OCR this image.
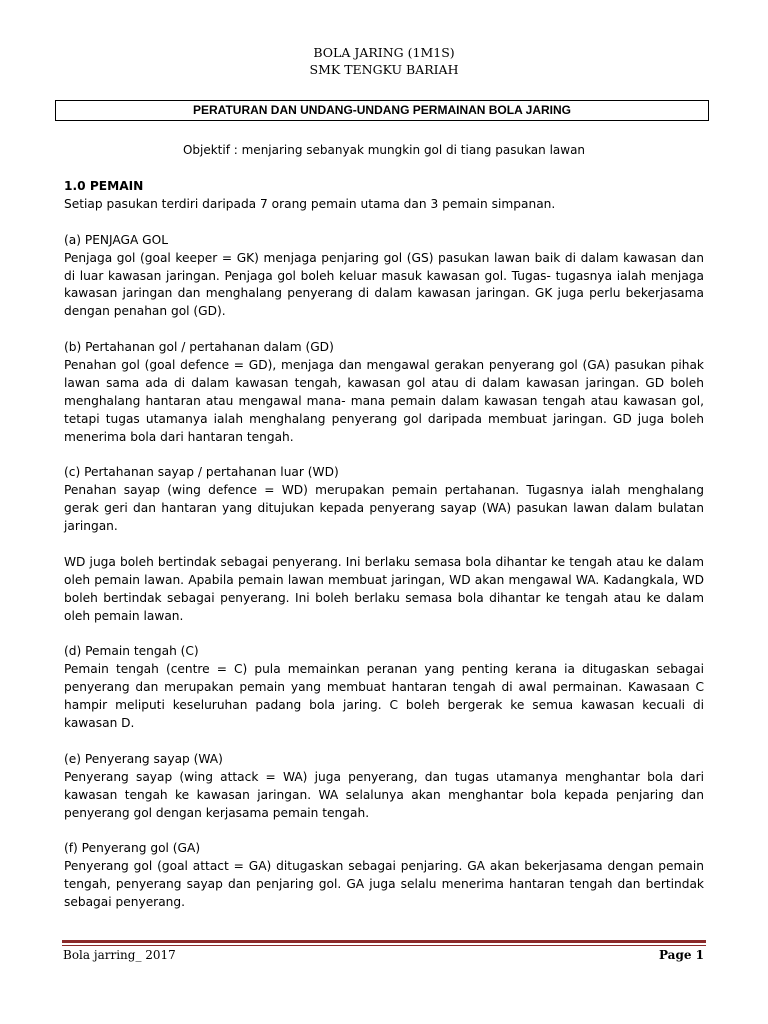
BOLA JARING (1M1S)
SMK TENGKU BARIAH
PERATURAN DAN UNDANG-UNDANG PERMAINAN BOLA JARING
Objektif : menjaring sebanyak mungkin gol di tiang pasukan lawan
1.0 PEMAIN

Setiap pasukan terdiri daripada 7 orang pemain utama dan 3 pemain simpanan.

(a) PENJAGA GOL

Penjaga gol (goal keeper = GK) menjaga penjaring gol (GS) pasukan lawan baik di dalam kawasan dan di luar kawasan jaringan. Penjaga gol boleh keluar masuk kawasan gol. Tugas- tugasnya ialah menjaga kawasan jaringan dan menghalang penyerang di dalam kawasan jaringan. GK juga perlu bekerjasama dengan penahan gol (GD).

(b) Pertahanan gol / pertahanan dalam (GD)

Penahan gol (goal defence = GD), menjaga dan mengawal gerakan penyerang gol (GA) pasukan pihak lawan sama ada di dalam kawasan tengah, kawasan gol atau di dalam kawasan jaringan. GD boleh menghalang hantaran atau mengawal mana- mana pemain dalam kawasan tengah atau kawasan gol, tetapi tugas utamanya ialah menghalang penyerang gol daripada membuat jaringan. GD juga boleh menerima bola dari hantaran tengah.

(c) Pertahanan sayap / pertahanan luar (WD)

Penahan sayap (wing defence = WD) merupakan pemain pertahanan. Tugasnya ialah menghalang gerak geri dan hantaran yang ditujukan kepada penyerang sayap (WA) pasukan lawan dalam bulatan jaringan.

WD juga boleh bertindak sebagai penyerang. Ini berlaku semasa bola dihantar ke tengah atau ke dalam oleh pemain lawan. Apabila pemain lawan membuat jaringan, WD akan mengawal WA. Kadangkala, WD boleh bertindak sebagai penyerang. Ini boleh berlaku semasa bola dihantar ke tengah atau ke dalam oleh pemain lawan.

(d) Pemain tengah (C)

Pemain tengah (centre = C) pula memainkan peranan yang penting kerana ia ditugaskan sebagai penyerang dan merupakan pemain yang membuat hantaran tengah di awal permainan. Kawasaan C hampir meliputi keseluruhan padang bola jaring. C boleh bergerak ke semua kawasan kecuali di kawasan D.

(e) Penyerang sayap (WA)

Penyerang sayap (wing attack = WA) juga penyerang, dan tugas utamanya menghantar bola dari kawasan tengah ke kawasan jaringan. WA selalunya akan menghantar bola kepada penjaring dan penyerang gol dengan kerjasama pemain tengah.

(f) Penyerang gol (GA)

Penyerang gol (goal attact = GA) ditugaskan sebagai penjaring. GA akan bekerjasama dengan pemain tengah, penyerang sayap dan penjaring gol. GA juga selalu menerima hantaran tengah dan bertindak sebagai penyerang.

Bola jarring_ 2017	Page 1
